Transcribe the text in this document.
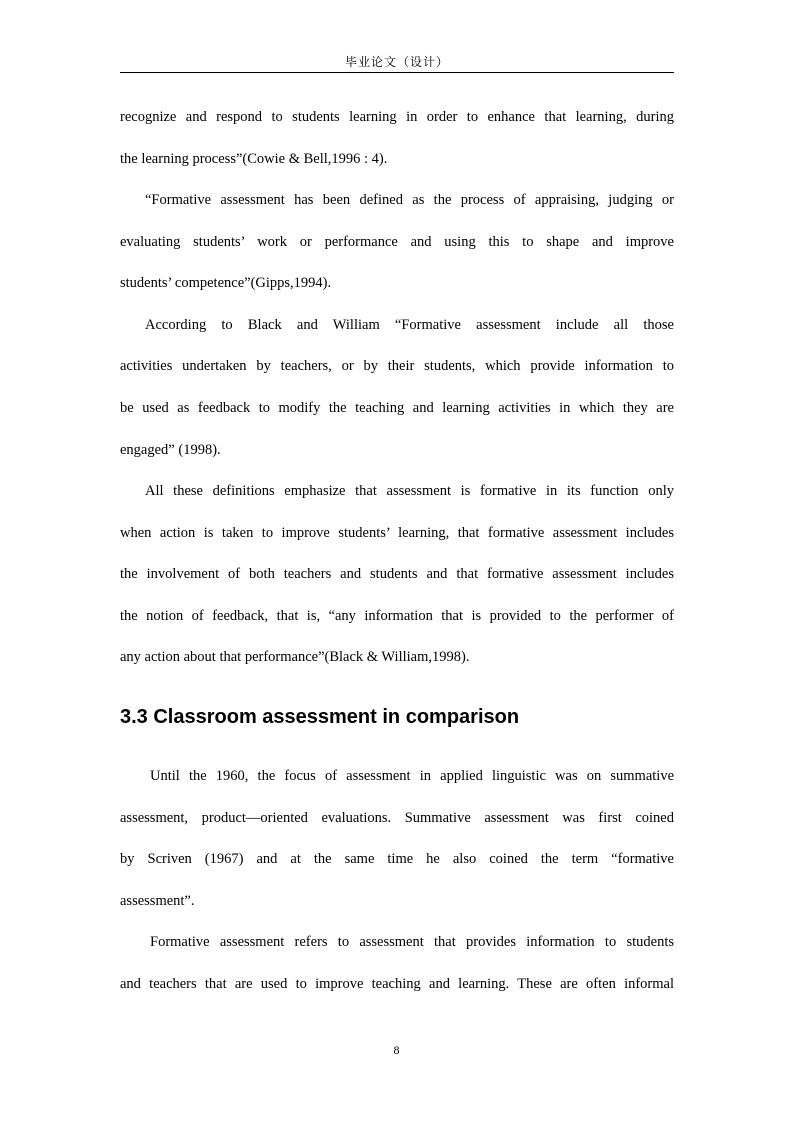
毕业论文（设计）
recognize and respond to students learning in order to enhance that learning, during
the learning process”(Cowie & Bell,1996 : 4).
“Formative assessment has been defined as the process of appraising, judging or
evaluating students’ work or performance and using this to shape and improve
students’ competence”(Gipps,1994).
According to Black and William “Formative assessment include all those
activities undertaken by teachers, or by their students, which provide information to
be used as feedback to modify the teaching and learning activities in which they are
engaged” (1998).
All these definitions emphasize that assessment is formative in its function only
when action is taken to improve students’ learning, that formative assessment includes
the involvement of both teachers and students and that formative assessment includes
the notion of feedback, that is, “any information that is provided to the performer of
any action about that performance”(Black & William,1998).
3.3 Classroom assessment in comparison
Until the 1960, the focus of assessment in applied linguistic was on summative
assessment, product—oriented evaluations. Summative assessment was first coined
by Scriven (1967) and at the same time he also coined the term “formative
assessment”.
Formative assessment refers to assessment that provides information to students
and teachers that are used to improve teaching and learning. These are often informal
8
